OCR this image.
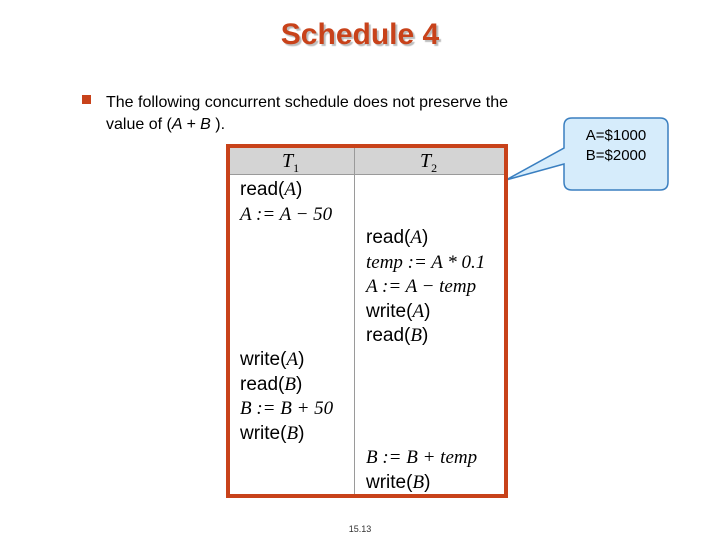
Schedule 4
The following concurrent schedule does not preserve the
value of (A + B ).
A=$1000
B=$2000
$T_1$	$T_2$
read(A)
A := A − 50
read(A)
temp := A * 0.1
A := A − temp
write(A)
read(B)
write(A)
read(B)
B := B + 50
write(B)
B := B + temp
write(B)
15.13
